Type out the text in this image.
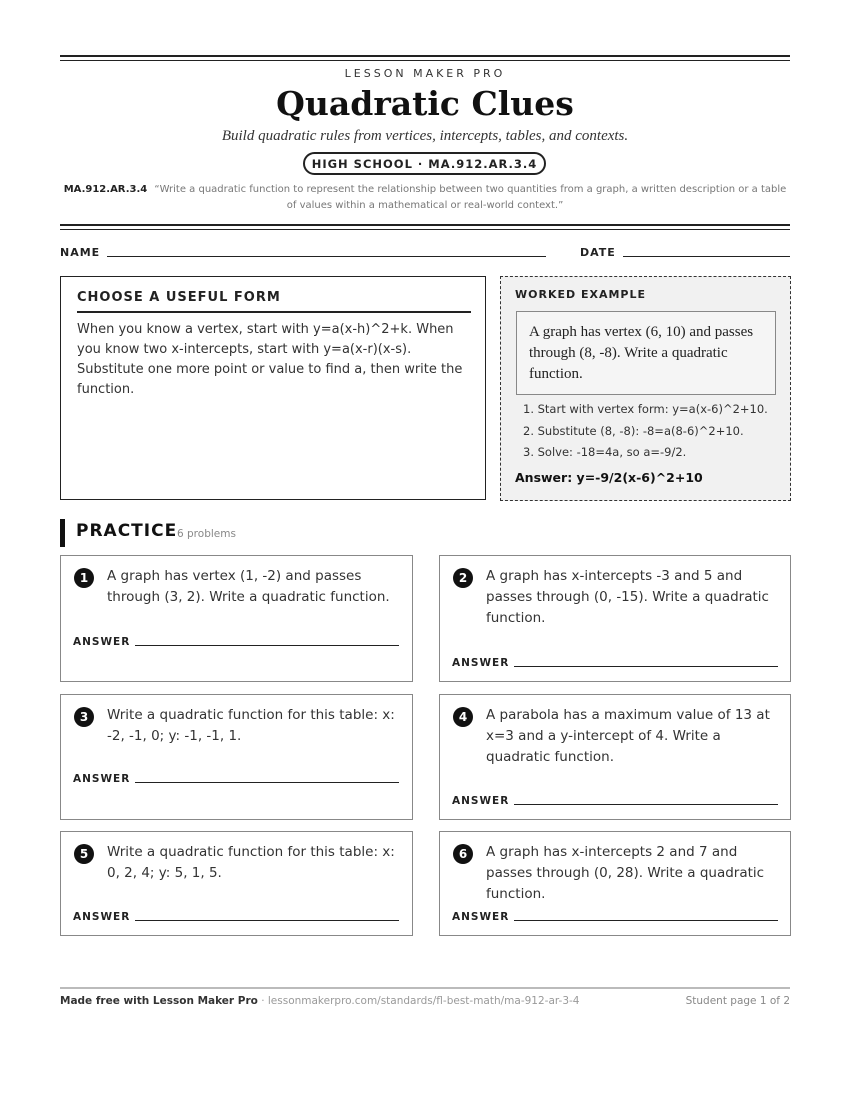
LESSON MAKER PRO
Quadratic Clues
Build quadratic rules from vertices, intercepts, tables, and contexts.
HIGH SCHOOL · MA.912.AR.3.4
MA.912.AR.3.4 “Write a quadratic function to represent the relationship between two quantities from a graph, a written description or a table of values within a mathematical or real-world context.”
NAME	DATE
CHOOSE A USEFUL FORM
When you know a vertex, start with y=a(x-h)^2+k. When you know two x-intercepts, start with y=a(x-r)(x-s). Substitute one more point or value to find a, then write the function.
WORKED EXAMPLE
A graph has vertex (6, 10) and passes through (8, -8). Write a quadratic function.
1. Start with vertex form: y=a(x-6)^2+10.
2. Substitute (8, -8): -8=a(8-6)^2+10.
3. Solve: -18=4a, so a=-9/2.
Answer: y=-9/2(x-6)^2+10
PRACTICE 6 problems
1	A graph has vertex (1, -2) and passes through (3, 2). Write a quadratic function.
ANSWER
2	A graph has x-intercepts -3 and 5 and passes through (0, -15). Write a quadratic function.
ANSWER
3	Write a quadratic function for this table: x: -2, -1, 0; y: -1, -1, 1.
ANSWER
4	A parabola has a maximum value of 13 at x=3 and a y-intercept of 4. Write a quadratic function.
ANSWER
5	Write a quadratic function for this table: x: 0, 2, 4; y: 5, 1, 5.
ANSWER
6	A graph has x-intercepts 2 and 7 and passes through (0, 28). Write a quadratic function.
ANSWER
Made free with Lesson Maker Pro · lessonmakerpro.com/standards/fl-best-math/ma-912-ar-3-4	Student page 1 of 2
